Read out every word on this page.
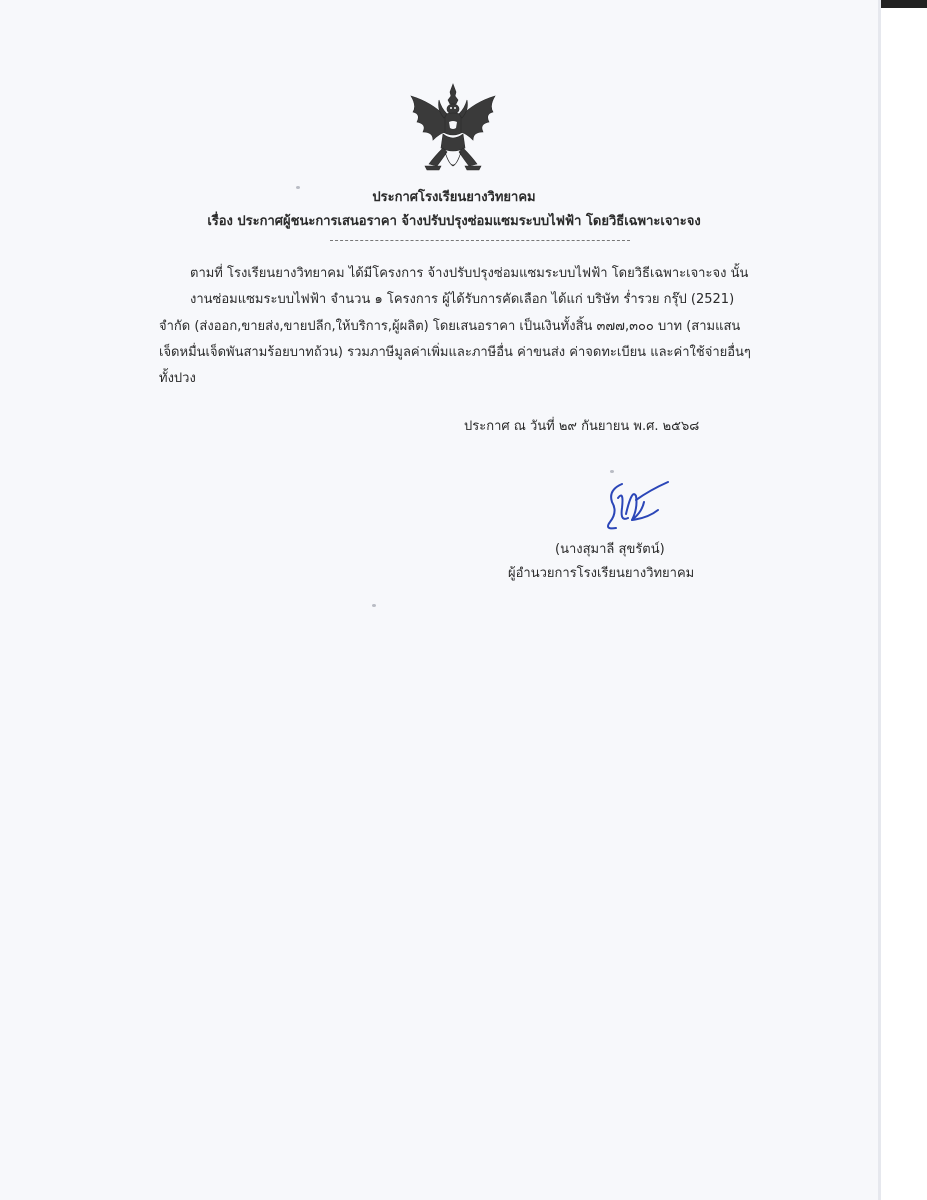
ประกาศโรงเรียนยางวิทยาคม
เรื่อง ประกาศผู้ชนะการเสนอราคา จ้างปรับปรุงซ่อมแซมระบบไฟฟ้า โดยวิธีเฉพาะเจาะจง
ตามที่ โรงเรียนยางวิทยาคม ได้มีโครงการ จ้างปรับปรุงซ่อมแซมระบบไฟฟ้า โดยวิธีเฉพาะเจาะจง นั้น
งานซ่อมแซมระบบไฟฟ้า จำนวน ๑ โครงการ ผู้ได้รับการคัดเลือก ได้แก่ บริษัท ร่ำรวย กรุ๊ป (2521)
จำกัด (ส่งออก,ขายส่ง,ขายปลีก,ให้บริการ,ผู้ผลิต) โดยเสนอราคา เป็นเงินทั้งสิ้น ๓๗๗,๓๐๐ บาท (สามแสน
เจ็ดหมื่นเจ็ดพันสามร้อยบาทถ้วน) รวมภาษีมูลค่าเพิ่มและภาษีอื่น ค่าขนส่ง ค่าจดทะเบียน และค่าใช้จ่ายอื่นๆ
ทั้งปวง
ประกาศ ณ วันที่ ๒๙ กันยายน พ.ศ. ๒๕๖๘
(นางสุมาลี สุขรัตน์)
ผู้อำนวยการโรงเรียนยางวิทยาคม
